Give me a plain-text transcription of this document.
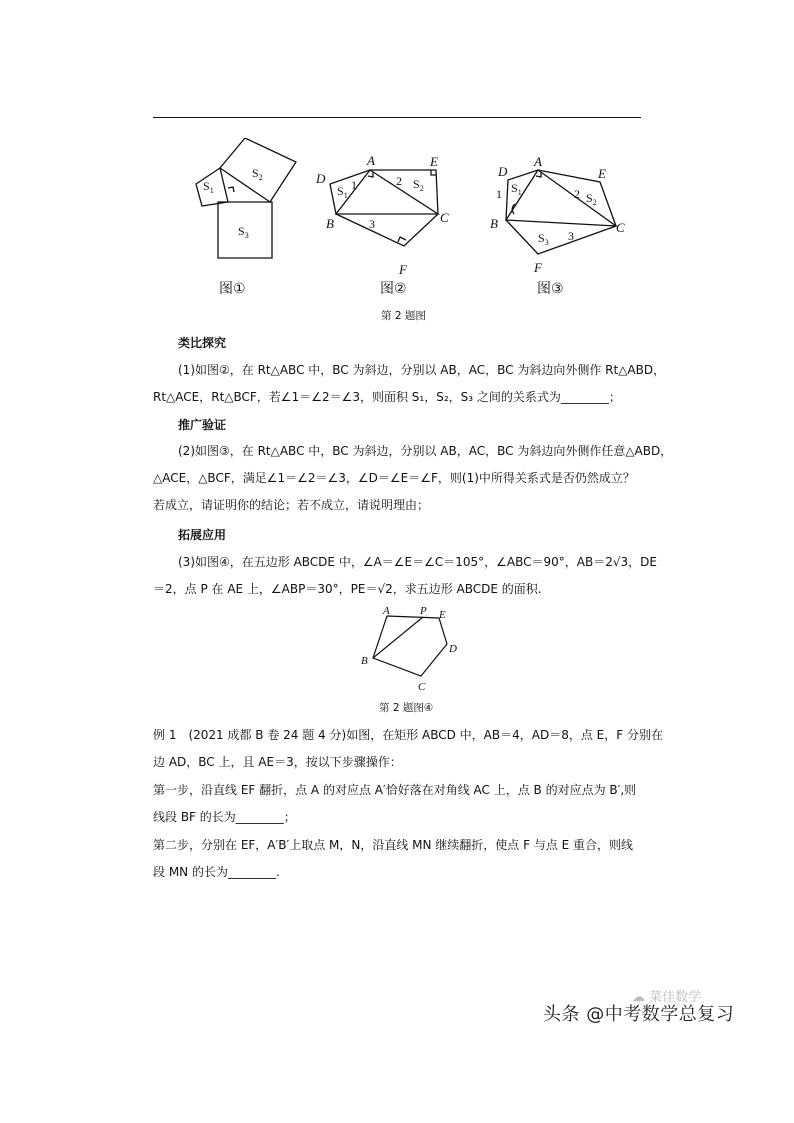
$S_1$
$S_2$
$S_3$
图①
A	E
D
B	C
F
1	2
3
$S_1$
$S_2$
图②
A
D	E
B	C
F
1	2
3
$S_1$	$S_2$
$S_3$
图③
第 2 题图
类比探究
(1)如图②，在 Rt△ABC 中，BC 为斜边，分别以 AB，AC，BC 为斜边向外侧作 Rt△ABD，
Rt△ACE，Rt△BCF，若∠1＝∠2＝∠3，则面积 S₁，S₂，S₃ 之间的关系式为________；
推广验证
(2)如图③，在 Rt△ABC 中，BC 为斜边，分别以 AB，AC，BC 为斜边向外侧作任意△ABD，
△ACE，△BCF，满足∠1＝∠2＝∠3，∠D＝∠E＝∠F，则(1)中所得关系式是否仍然成立？
若成立，请证明你的结论；若不成立，请说明理由；
拓展应用
(3)如图④，在五边形 ABCDE 中，∠A＝∠E＝∠C＝105°，∠ABC＝90°，AB＝2√3，DE
＝2，点 P 在 AE 上，∠ABP＝30°，PE＝√2，求五边形 ABCDE 的面积.
A	P E
D
B
C
第 2 题图④
例 1　(2021 成都 B 卷 24 题 4 分)如图，在矩形 ABCD 中，AB＝4，AD＝8，点 E，F 分别在
边 AD，BC 上，且 AE＝3，按以下步骤操作：
第一步，沿直线 EF 翻折，点 A 的对应点 A′恰好落在对角线 AC 上，点 B 的对应点为 B′,则
线段 BF 的长为________；
第二步，分别在 EF，A′B′上取点 M，N，沿直线 MN 继续翻折，使点 F 与点 E 重合，则线
段 MN 的长为________.
☁ 菜佳数学
头条 @中考数学总复习
